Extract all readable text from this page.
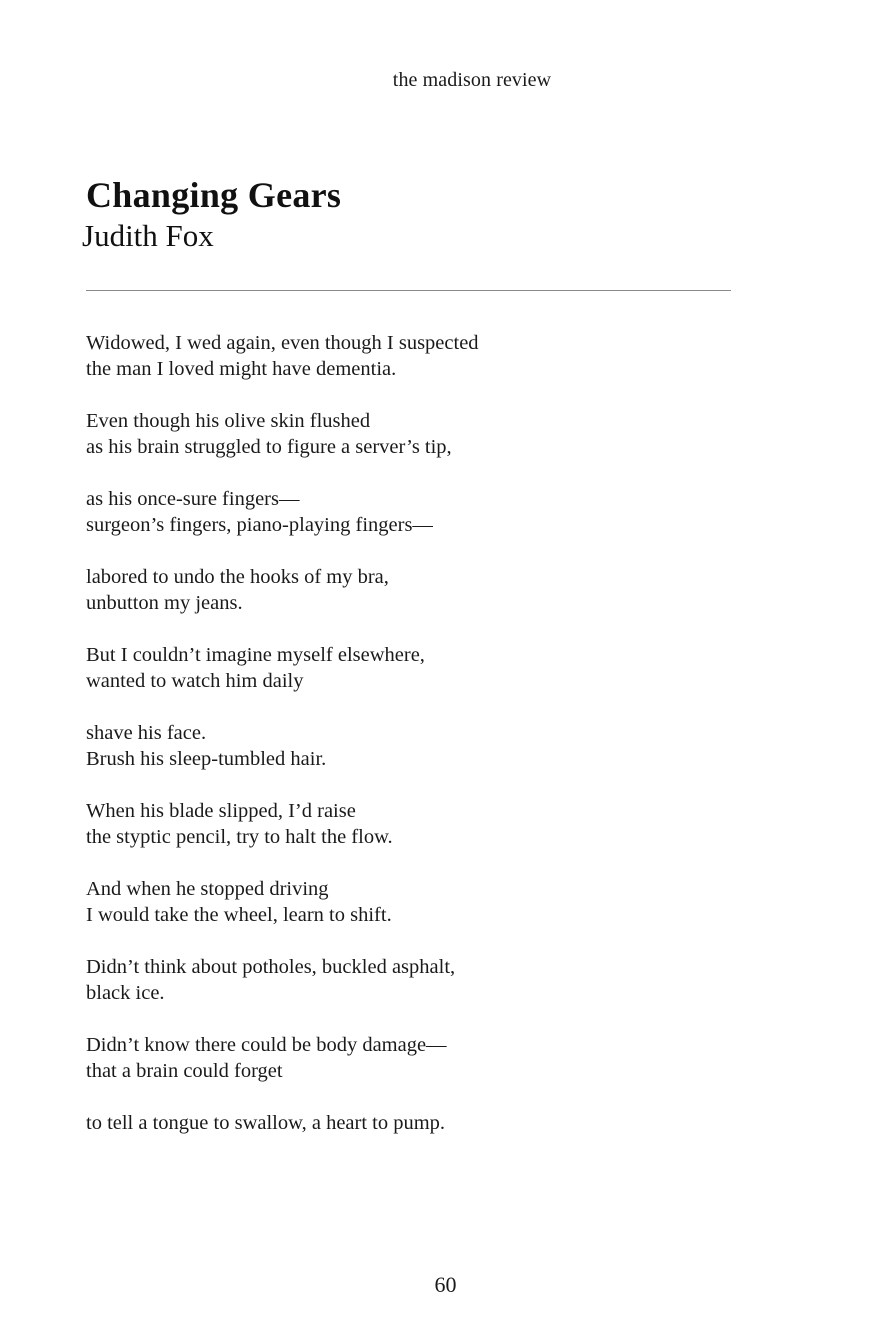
the madison review
Changing Gears
Judith Fox

Widowed, I wed again, even though I suspected
the man I loved might have dementia.

Even though his olive skin flushed
as his brain struggled to figure a server’s tip,

as his once-sure fingers—
surgeon’s fingers, piano-playing fingers—

labored to undo the hooks of my bra,
unbutton my jeans.

But I couldn’t imagine myself elsewhere,
wanted to watch him daily

shave his face.
Brush his sleep-tumbled hair.

When his blade slipped, I’d raise
the styptic pencil, try to halt the flow.

And when he stopped driving
I would take the wheel, learn to shift.

Didn’t think about potholes, buckled asphalt,
black ice.

Didn’t know there could be body damage—
that a brain could forget

to tell a tongue to swallow, a heart to pump.

60
